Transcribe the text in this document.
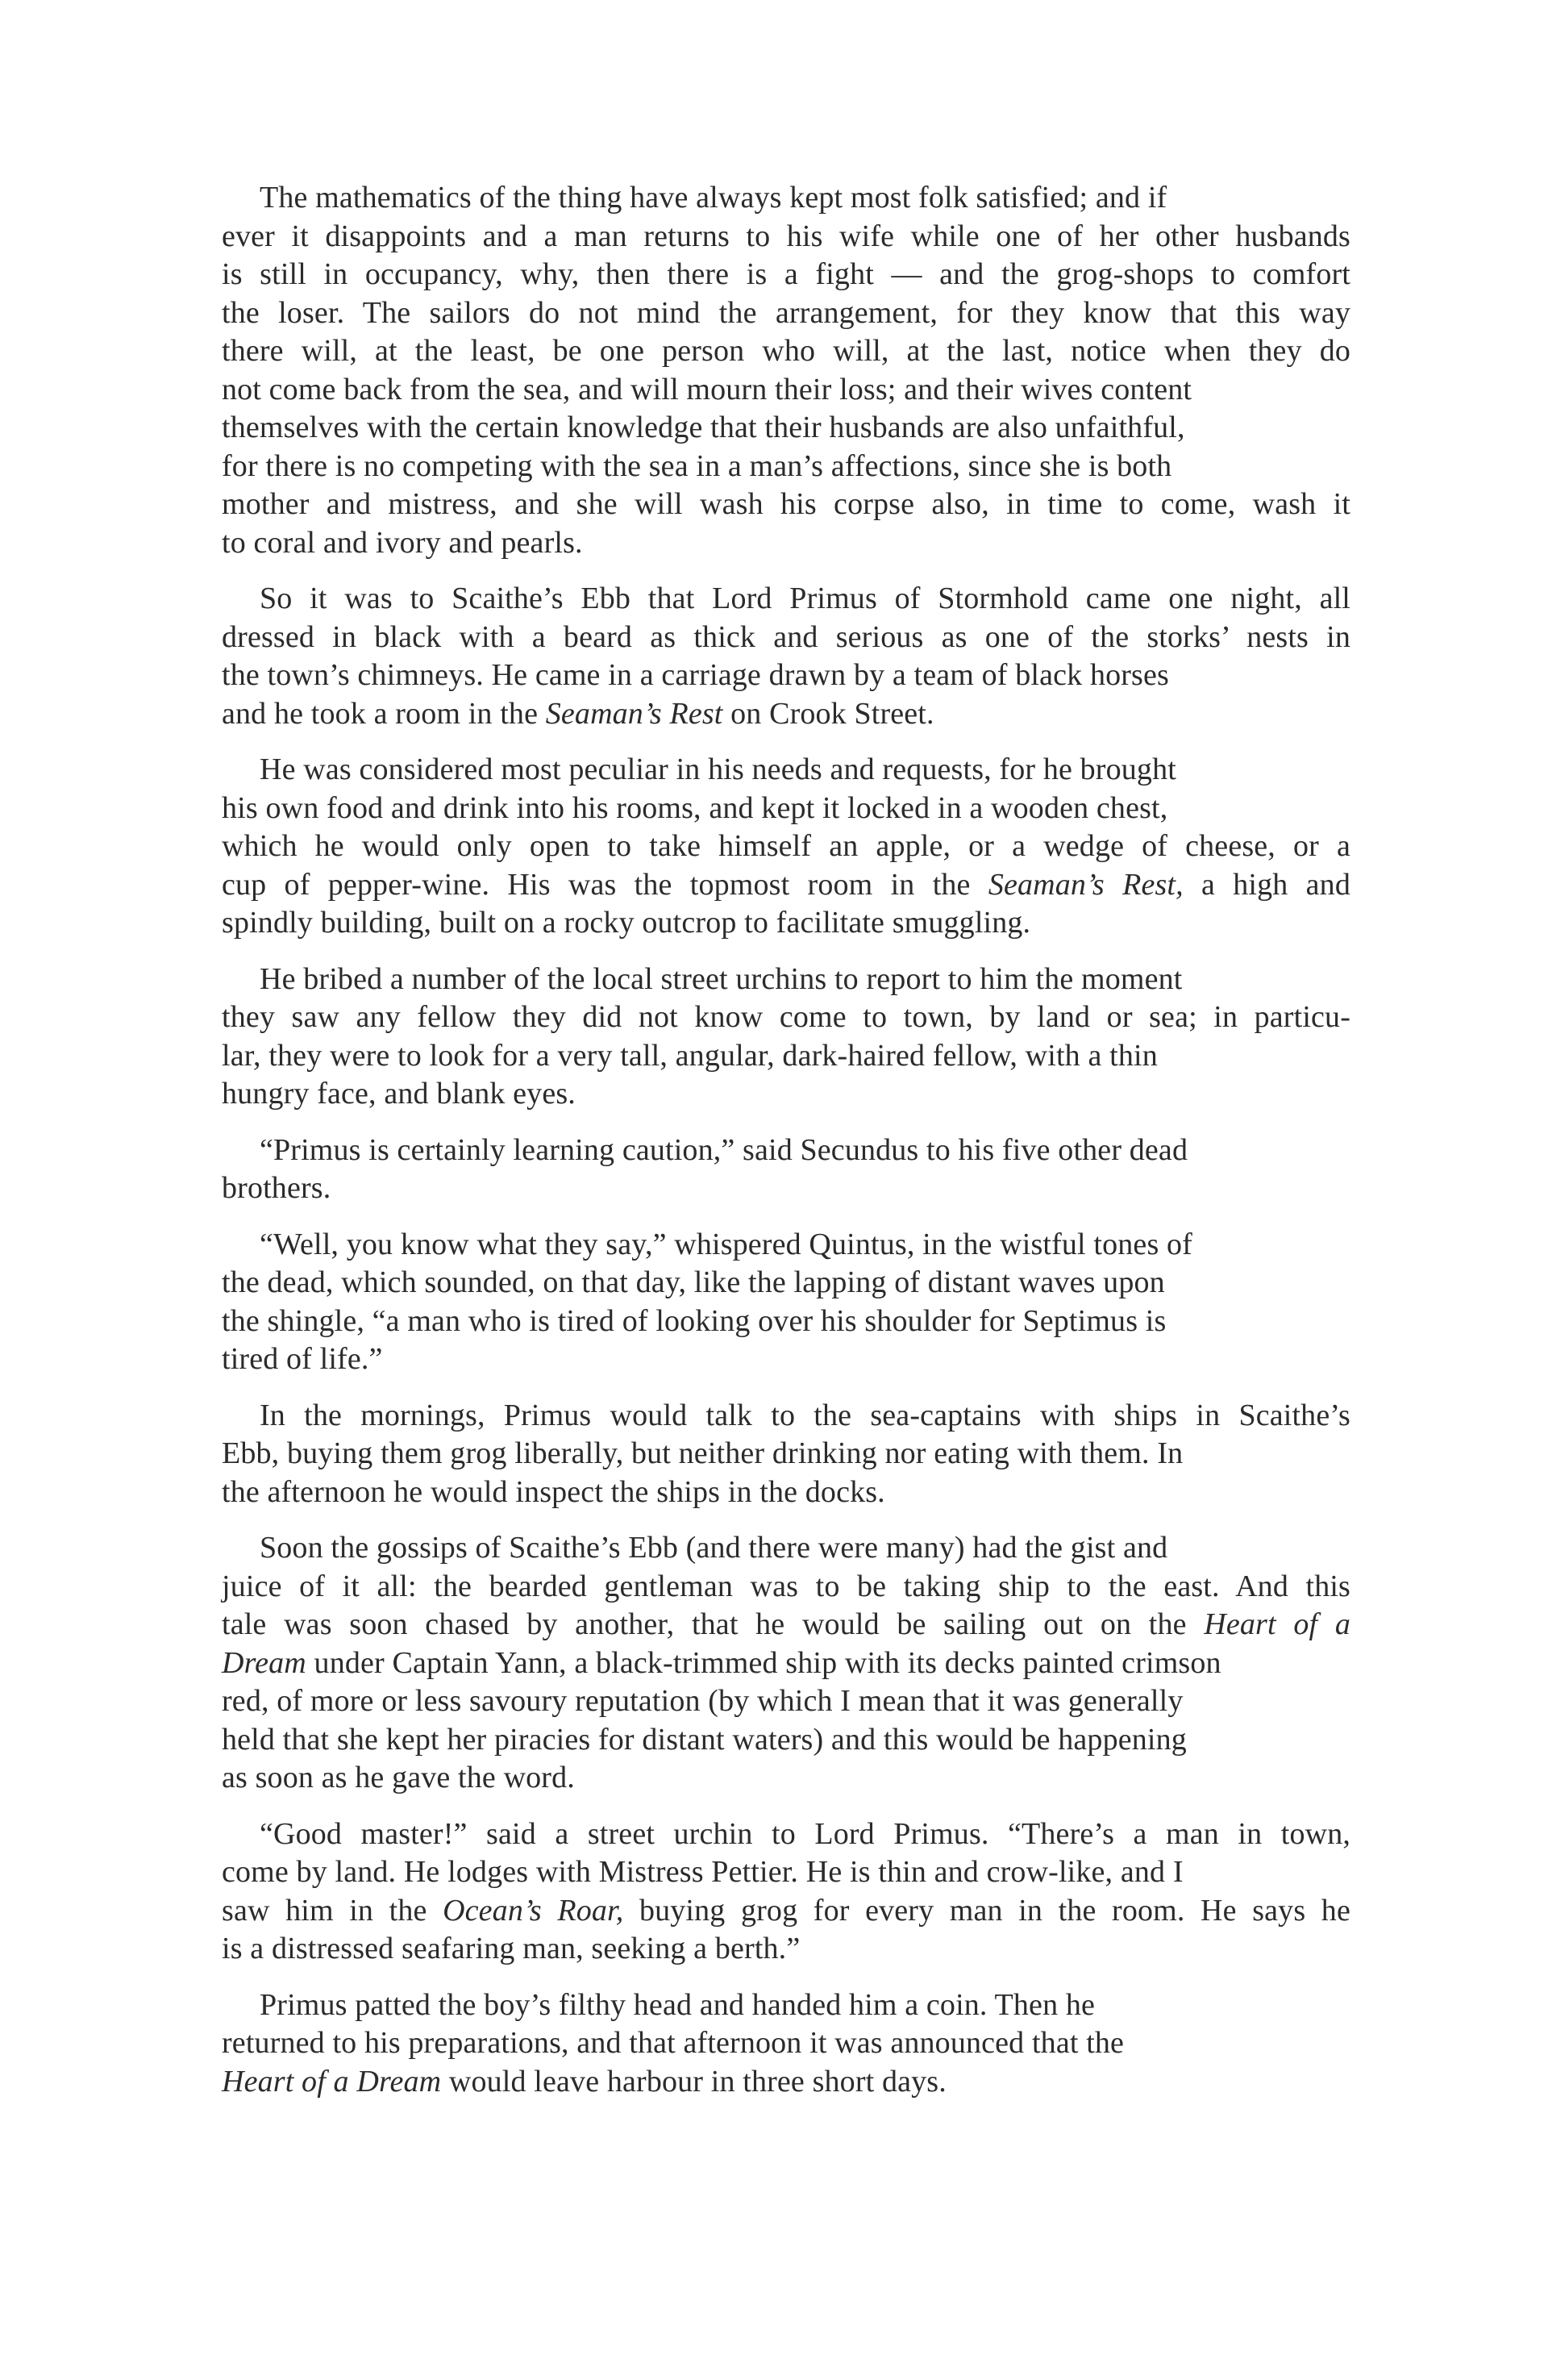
The mathematics of the thing have always kept most folk satisfied; and if
ever it disappoints and a man returns to his wife while one of her other husbands
is still in occupancy, why, then there is a fight — and the grog-shops to comfort
the loser. The sailors do not mind the arrangement, for they know that this way
there will, at the least, be one person who will, at the last, notice when they do
not come back from the sea, and will mourn their loss; and their wives content
themselves with the certain knowledge that their husbands are also unfaithful,
for there is no competing with the sea in a man’s affections, since she is both
mother and mistress, and she will wash his corpse also, in time to come, wash it
to coral and ivory and pearls.
So it was to Scaithe’s Ebb that Lord Primus of Stormhold came one night, all
dressed in black with a beard as thick and serious as one of the storks’ nests in
the town’s chimneys. He came in a carriage drawn by a team of black horses
and he took a room in the Seaman’s Rest on Crook Street.
He was considered most peculiar in his needs and requests, for he brought
his own food and drink into his rooms, and kept it locked in a wooden chest,
which he would only open to take himself an apple, or a wedge of cheese, or a
cup of pepper-wine. His was the topmost room in the Seaman’s Rest, a high and
spindly building, built on a rocky outcrop to facilitate smuggling.
He bribed a number of the local street urchins to report to him the moment
they saw any fellow they did not know come to town, by land or sea; in particu-
lar, they were to look for a very tall, angular, dark-haired fellow, with a thin
hungry face, and blank eyes.
“Primus is certainly learning caution,” said Secundus to his five other dead
brothers.
“Well, you know what they say,” whispered Quintus, in the wistful tones of
the dead, which sounded, on that day, like the lapping of distant waves upon
the shingle, “a man who is tired of looking over his shoulder for Septimus is
tired of life.”
In the mornings, Primus would talk to the sea-captains with ships in Scaithe’s
Ebb, buying them grog liberally, but neither drinking nor eating with them. In
the afternoon he would inspect the ships in the docks.
Soon the gossips of Scaithe’s Ebb (and there were many) had the gist and
juice of it all: the bearded gentleman was to be taking ship to the east. And this
tale was soon chased by another, that he would be sailing out on the Heart of a
Dream under Captain Yann, a black-trimmed ship with its decks painted crimson
red, of more or less savoury reputation (by which I mean that it was generally
held that she kept her piracies for distant waters) and this would be happening
as soon as he gave the word.
“Good master!” said a street urchin to Lord Primus. “There’s a man in town,
come by land. He lodges with Mistress Pettier. He is thin and crow-like, and I
saw him in the Ocean’s Roar, buying grog for every man in the room. He says he
is a distressed seafaring man, seeking a berth.”
Primus patted the boy’s filthy head and handed him a coin. Then he
returned to his preparations, and that afternoon it was announced that the
Heart of a Dream would leave harbour in three short days.
